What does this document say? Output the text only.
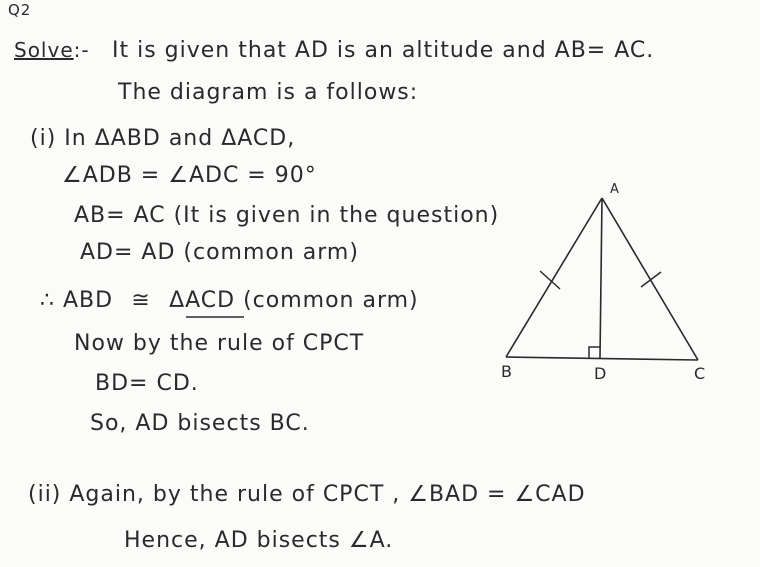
Q2
Solve:- It is given that AD is an altitude and AB= AC.
The diagram is a follows:
(i) In ΔABD and ΔACD,
∠ADB = ∠ADC = 90°
AB= AC (It is given in the question)
AD= AD (common arm)
∴ ABD ≅ ΔACD (common arm)
Now by the rule of CPCT
BD= CD.
So, AD bisects BC.
(ii) Again, by the rule of CPCT , ∠BAD = ∠CAD
Hence, AD bisects ∠A.
A
B	D	C
